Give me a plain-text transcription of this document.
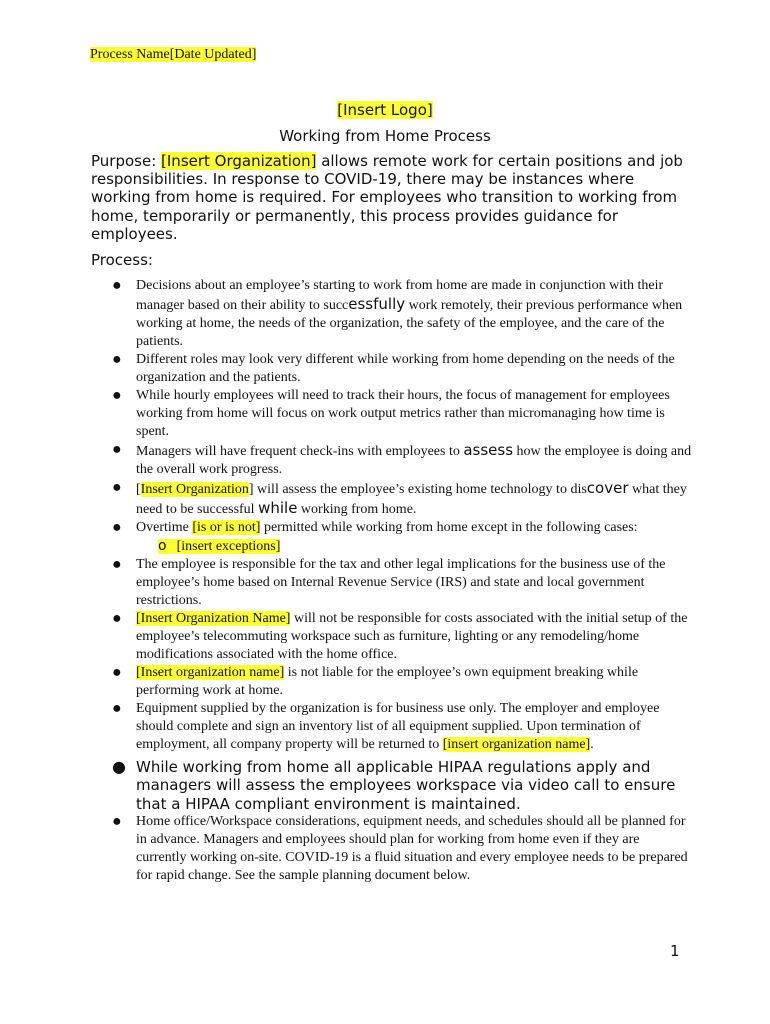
Process Name[Date Updated]
[Insert Logo]
Working from Home Process
Purpose: [Insert Organization] allows remote work for certain positions and job responsibilities. In response to COVID-19, there may be instances where working from home is required. For employees who transition to working from home, temporarily or permanently, this process provides guidance for employees.
Process:
● Decisions about an employee’s starting to work from home are made in conjunction with their manager based on their ability to successfully work remotely, their previous performance when working at home, the needs of the organization, the safety of the employee, and the care of the patients.
● Different roles may look very different while working from home depending on the needs of the organization and the patients.
● While hourly employees will need to track their hours, the focus of management for employees working from home will focus on work output metrics rather than micromanaging how time is spent.
● Managers will have frequent check-ins with employees to assess how the employee is doing and the overall work progress.
● [Insert Organization] will assess the employee’s existing home technology to discover what they need to be successful while working from home.
● Overtime [is or is not] permitted while working from home except in the following cases:
o [insert exceptions]
● The employee is responsible for the tax and other legal implications for the business use of the employee’s home based on Internal Revenue Service (IRS) and state and local government restrictions.
● [Insert Organization Name] will not be responsible for costs associated with the initial setup of the employee’s telecommuting workspace such as furniture, lighting or any remodeling/home modifications associated with the home office.
● [Insert organization name] is not liable for the employee’s own equipment breaking while performing work at home.
● Equipment supplied by the organization is for business use only. The employer and employee should complete and sign an inventory list of all equipment supplied. Upon termination of employment, all company property will be returned to [insert organization name].
● While working from home all applicable HIPAA regulations apply and managers will assess the employees workspace via video call to ensure that a HIPAA compliant environment is maintained.
● Home office/Workspace considerations, equipment needs, and schedules should all be planned for in advance. Managers and employees should plan for working from home even if they are currently working on-site. COVID-19 is a fluid situation and every employee needs to be prepared for rapid change. See the sample planning document below.
1
